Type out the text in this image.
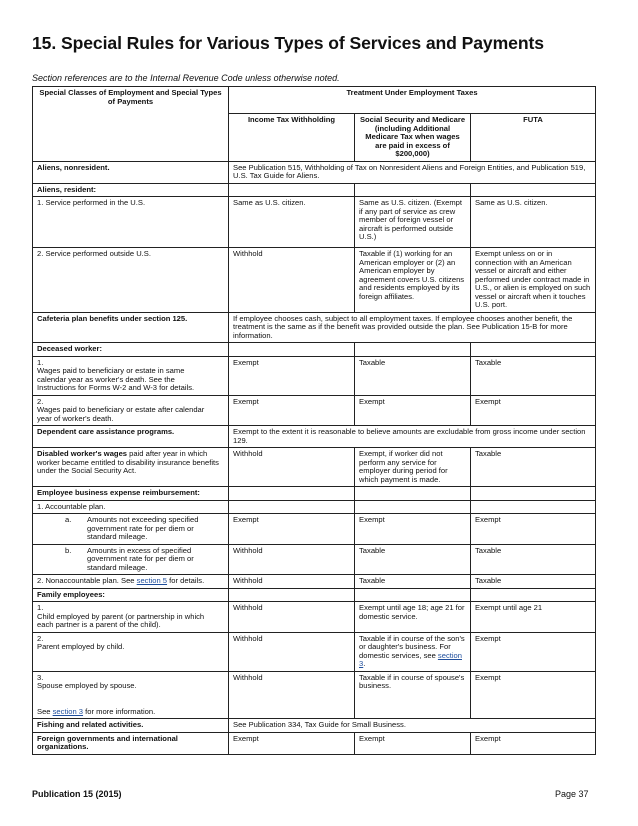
15. Special Rules for Various Types of Services and Payments
Section references are to the Internal Revenue Code unless otherwise noted.
Special Classes of Employment and Special Types of Payments	Treatment Under Employment Taxes		
	Income Tax Withholding	Social Security and Medicare (including Additional Medicare Tax when wages are paid in excess of $200,000)	FUTA
Aliens, nonresident.	See Publication 515, Withholding of Tax on Nonresident Aliens and Foreign Entities, and Publication 519, U.S. Tax Guide for Aliens.		
Aliens, resident:			
1. Service performed in the U.S.	Same as U.S. citizen.	Same as U.S. citizen. (Exempt if any part of service as crew member of foreign vessel or aircraft is performed outside U.S.)	Same as U.S. citizen.
2. Service performed outside U.S.	Withhold	Taxable if (1) working for an American employer or (2) an American employer by agreement covers U.S. citizens and residents employed by its foreign affiliates.	Exempt unless on or in connection with an American vessel or aircraft and either performed under contract made in U.S., or alien is employed on such vessel or aircraft when it touches U.S. port.
Cafeteria plan benefits under section 125.	If employee chooses cash, subject to all employment taxes. If employee chooses another benefit, the treatment is the same as if the benefit was provided outside the plan. See Publication 15-B for more information.		
Deceased worker:			
1.Wages paid to beneficiary or estate in same calendar year as worker's death. See the Instructions for Forms W-2 and W-3 for details.	Exempt	Taxable	Taxable
2.Wages paid to beneficiary or estate after calendar year of worker's death.	Exempt	Exempt	Exempt
Dependent care assistance programs.	Exempt to the extent it is reasonable to believe amounts are excludable from gross income under section 129.		
Disabled worker's wages paid after year in which worker became entitled to disability insurance benefits under the Social Security Act.	Withhold	Exempt, if worker did not perform any service for employer during period for which payment is made.	Taxable
Employee business expense reimbursement:			
1. Accountable plan.			
a. Amounts not exceeding specified government rate for per diem or standard mileage.	Exempt	Exempt	Exempt
b. Amounts in excess of specified government rate for per diem or standard mileage.	Withhold	Taxable	Taxable
2. Nonaccountable plan. See section 5 for details.	Withhold	Taxable	Taxable
Family employees:			
1.Child employed by parent (or partnership in which each partner is a parent of the child).	Withhold	Exempt until age 18; age 21 for domestic service.	Exempt until age 21
2.Parent employed by child.	Withhold	Taxable if in course of the son's or daughter's business. For domestic services, see section 3.	Exempt
3.Spouse employed by spouse.

See section 3 for more information.	Withhold	Taxable if in course of spouse's business.	Exempt
Fishing and related activities.	See Publication 334, Tax Guide for Small Business.		
Foreign governments and international organizations.	Exempt	Exempt	Exempt
Publication 15 (2015)	Page 37
